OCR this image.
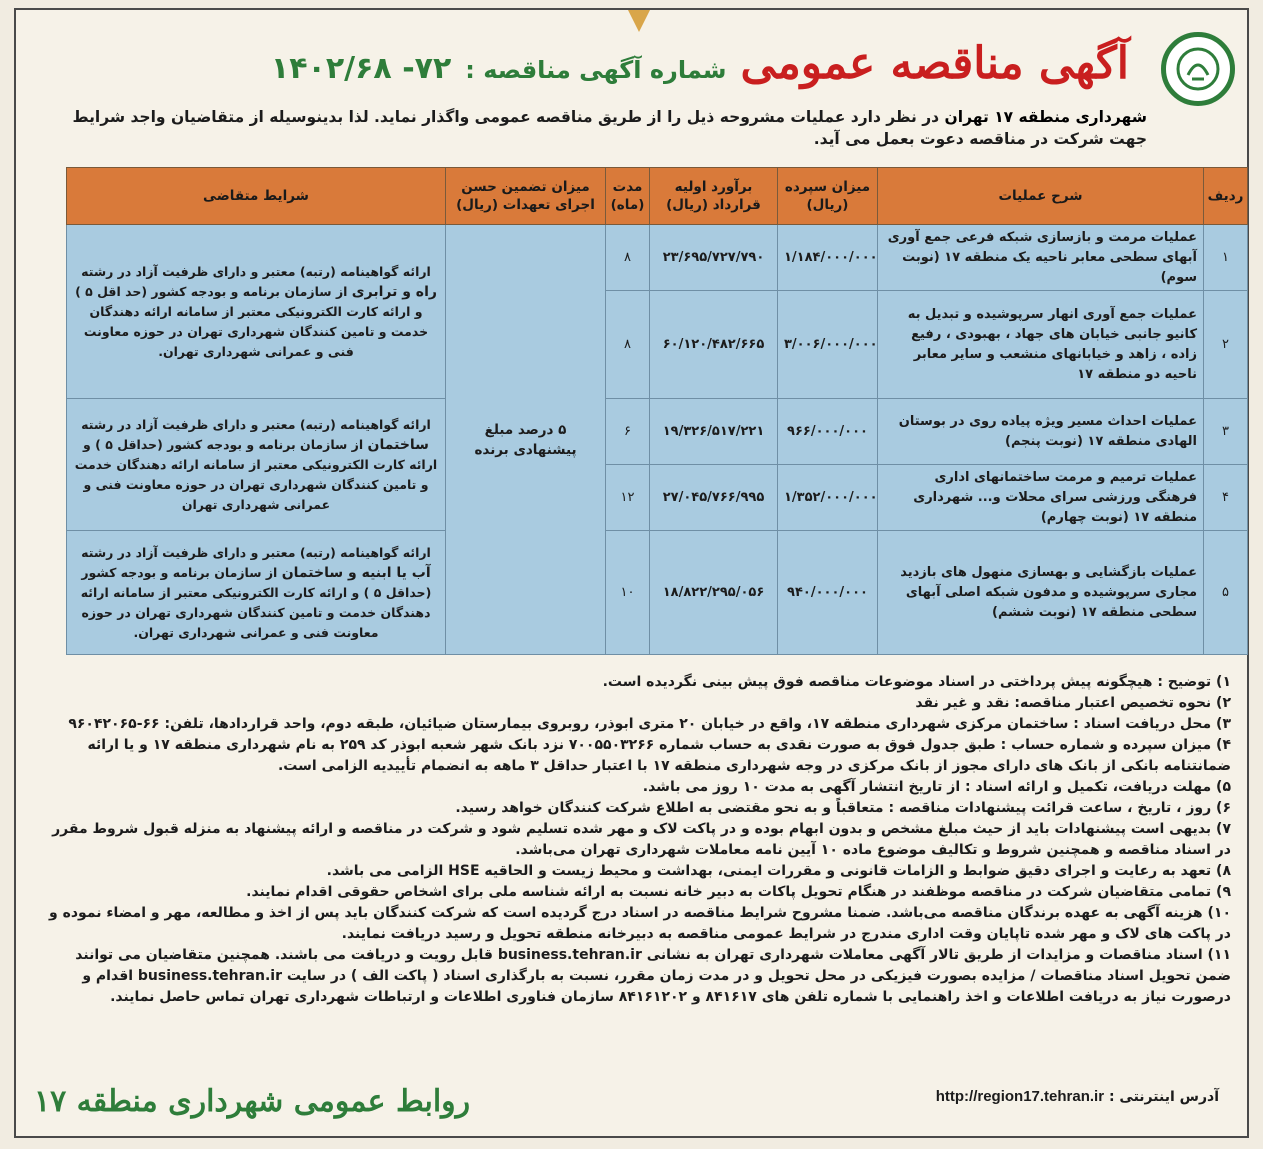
آگهی مناقصه عمومی
شماره آگهی مناقصه :
۷۲- ۱۴۰۲/۶۸
شهرداری منطقه ۱۷ تهران در نظر دارد عملیات مشروحه ذیل را از طریق مناقصه عمومی واگذار نماید. لذا بدینوسیله از متقاضیان واجد شرایط جهت شرکت در مناقصه دعوت بعمل می آید.
ردیف	شرح عملیات	میزان سپرده (ریال)	برآورد اولیه قرارداد (ریال)	مدت (ماه)	میزان تضمین حسن اجرای تعهدات (ریال)	شرایط متقاضی
۱	عملیات مرمت و بازسازی شبکه فرعی جمع آوری آبهای سطحی معابر ناحیه یک منطقه ۱۷ (نوبت سوم)	۱/۱۸۴/۰۰۰/۰۰۰	۲۳/۶۹۵/۷۲۷/۷۹۰	۸	۵ درصد مبلغ پیشنهادی برنده	ارائه گواهینامه (رتبه) معتبر و دارای ظرفیت آزاد در رشته راه و ترابری از سازمان برنامه و بودجه کشور (حد اقل ۵ ) و ارائه کارت الکترونیکی معتبر از سامانه ارائه دهندگان خدمت و تامین کنندگان شهرداری تهران در حوزه معاونت فنی و عمرانی شهرداری تهران.
۲	عملیات جمع آوری انهار سرپوشیده و تبدیل به کانیو جانبی خیابان های جهاد ، بهبودی ، رفیع زاده ، زاهد و خیابانهای منشعب و سایر معابر ناحیه دو منطقه ۱۷	۳/۰۰۶/۰۰۰/۰۰۰	۶۰/۱۲۰/۴۸۲/۶۶۵	۸		
۳	عملیات احداث مسیر ویژه پیاده روی در بوستان الهادی منطقه ۱۷ (نوبت پنجم)	۹۶۶/۰۰۰/۰۰۰	۱۹/۳۲۶/۵۱۷/۲۲۱	۶		ارائه گواهینامه (رتبه) معتبر و دارای ظرفیت آزاد در رشته ساختمان از سازمان برنامه و بودجه کشور (حداقل ۵ ) و ارائه کارت الکترونیکی معتبر از سامانه ارائه دهندگان خدمت و تامین کنندگان شهرداری تهران در حوزه معاونت فنی و عمرانی شهرداری تهران
۴	عملیات ترمیم و مرمت ساختمانهای اداری فرهنگی ورزشی سرای محلات و... شهرداری منطقه ۱۷ (نوبت چهارم)	۱/۳۵۲/۰۰۰/۰۰۰	۲۷/۰۴۵/۷۶۶/۹۹۵	۱۲		
۵	عملیات بازگشایی و بهسازی منهول های بازدید مجاری سرپوشیده و مدفون شبکه اصلی آبهای سطحی منطقه ۱۷ (نوبت ششم)	۹۴۰/۰۰۰/۰۰۰	۱۸/۸۲۲/۲۹۵/۰۵۶	۱۰		ارائه گواهینامه (رتبه) معتبر و دارای ظرفیت آزاد در رشته آب یا ابنیه و ساختمان از سازمان برنامه و بودجه کشور (حداقل ۵ ) و ارائه کارت الکترونیکی معتبر از سامانه ارائه دهندگان خدمت و تامین کنندگان شهرداری تهران در حوزه معاونت فنی و عمرانی شهرداری تهران.

۱) توضیح : هیچگونه پیش پرداختی در اسناد موضوعات مناقصه فوق پیش بینی نگردیده است.

۲) نحوه تخصیص اعتبار مناقصه: نقد و غیر نقد

۳) محل دریافت اسناد : ساختمان مرکزی شهرداری منطقه ۱۷، واقع در خیابان ۲۰ متری ابوذر، روبروی بیمارستان ضیائیان، طبقه دوم، واحد قراردادها، تلفن: ۶۶-۹۶۰۴۲۰۶۵

۴) میزان سپرده و شماره حساب : طبق جدول فوق به صورت نقدی به حساب شماره ۷۰۰۵۵۰۳۲۶۶ نزد بانک شهر شعبه ابوذر کد ۲۵۹ به نام شهرداری منطقه ۱۷ و یا ارائه ضمانتنامه بانکی از بانک های دارای مجوز از بانک مرکزی در وجه شهرداری منطقه ۱۷ با اعتبار حداقل ۳ ماهه به انضمام تأییدیه الزامی است.

۵) مهلت دریافت، تکمیل و ارائه اسناد : از تاریخ انتشار آگهی به مدت ۱۰ روز می باشد.

۶) روز ، تاریخ ، ساعت قرائت پیشنهادات مناقصه : متعاقباً و به نحو مقتضی به اطلاع شرکت کنندگان خواهد رسید.

۷) بدیهی است پیشنهادات باید از حیث مبلغ مشخص و بدون ابهام بوده و در پاکت لاک و مهر شده تسلیم شود و شرکت در مناقصه و ارائه پیشنهاد به منزله قبول شروط مقرر در اسناد مناقصه و همچنین شروط و تکالیف موضوع ماده ۱۰ آیین نامه معاملات شهرداری تهران می‌باشد.

۸) تعهد به رعایت و اجرای دقیق ضوابط و الزامات قانونی و مقررات ایمنی، بهداشت و محیط زیست و الحاقیه HSE الزامی می باشد.

۹) تمامی متقاضیان شرکت در مناقصه موظفند در هنگام تحویل پاکات به دبیر خانه نسبت به ارائه شناسه ملی برای اشخاص حقوقی اقدام نمایند.

۱۰) هزینه آگهی به عهده برندگان مناقصه می‌باشد. ضمنا مشروح شرایط مناقصه در اسناد درج گردیده است که شرکت کنندگان باید پس از اخذ و مطالعه، مهر و امضاء نموده و در پاکت های لاک و مهر شده تاپایان وقت اداری مندرج در شرایط عمومی مناقصه به دبیرخانه منطقه تحویل و رسید دریافت نمایند.

۱۱) اسناد مناقصات و مزایدات از طریق تالار آگهی معاملات شهرداری تهران به نشانی business.tehran.ir قابل رویت و دریافت می باشند. همچنین متقاضیان می توانند ضمن تحویل اسناد مناقصات / مزایده بصورت فیزیکی در محل تحویل و در مدت زمان مقرر، نسبت به بارگذاری اسناد ( پاکت الف ) در سایت business.tehran.ir اقدام و درصورت نیاز به دریافت اطلاعات و اخذ راهنمایی با شماره تلفن های ۸۴۱۶۱۷ و ۸۴۱۶۱۲۰۲ سازمان فناوری اطلاعات و ارتباطات شهرداری تهران تماس حاصل نمایند.

روابط عمومی شهرداری منطقه ۱۷	آدرس اینترنتی : http://region17.tehran.ir
